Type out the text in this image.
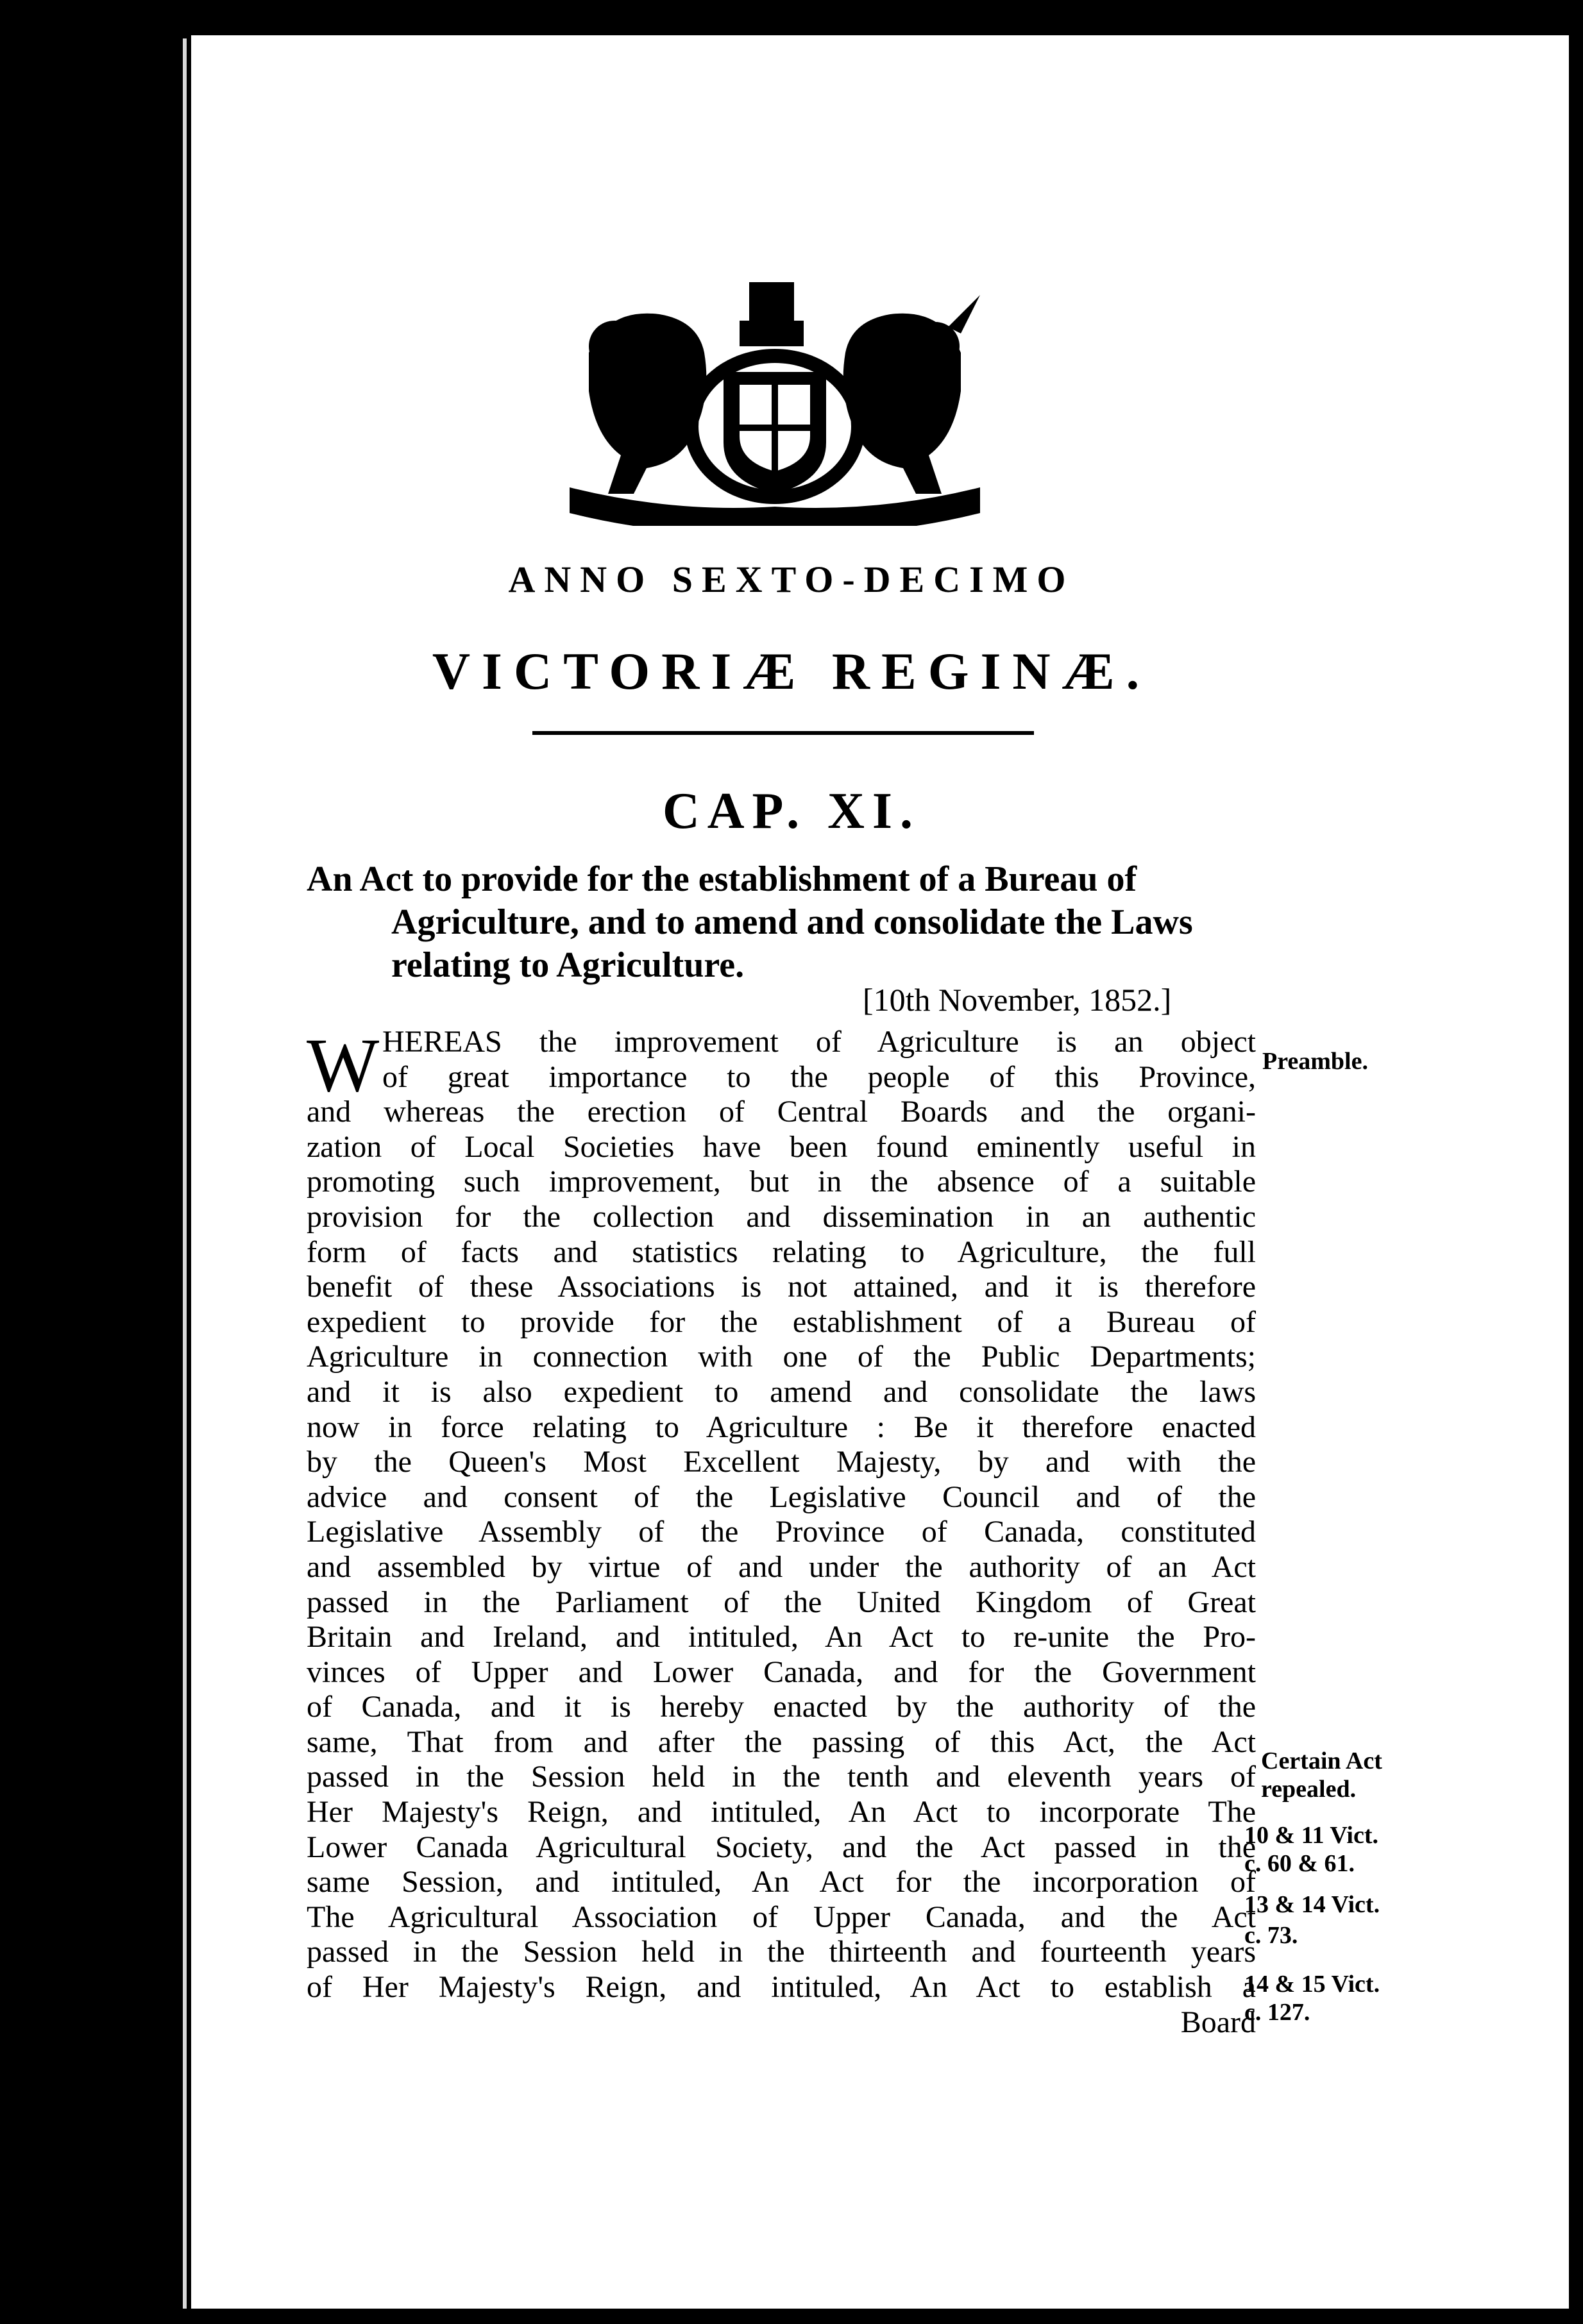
ANNO SEXTO-DECIMO
VICTORIÆ REGINÆ.
CAP. XI.
An Act to provide for the establishment of a Bureau of
Agriculture, and to amend and consolidate the Laws
relating to Agriculture.
[10th November, 1852.]
W HEREAS the improvement of Agriculture is an object
of great importance to the people of this Province,
and whereas the erection of Central Boards and the organi-
zation of Local Societies have been found eminently useful in
promoting such improvement, but in the absence of a suitable
provision for the collection and dissemination in an authentic
form of facts and statistics relating to Agriculture, the full
benefit of these Associations is not attained, and it is therefore
expedient to provide for the establishment of a Bureau of
Agriculture in connection with one of the Public Departments;
and it is also expedient to amend and consolidate the laws
now in force relating to Agriculture : Be it therefore enacted
by the Queen's Most Excellent Majesty, by and with the
advice and consent of the Legislative Council and of the
Legislative Assembly of the Province of Canada, constituted
and assembled by virtue of and under the authority of an Act
passed in the Parliament of the United Kingdom of Great
Britain and Ireland, and intituled, An Act to re-unite the Pro-
vinces of Upper and Lower Canada, and for the Government
of Canada, and it is hereby enacted by the authority of the
same, That from and after the passing of this Act, the Act
passed in the Session held in the tenth and eleventh years of
Her Majesty's Reign, and intituled, An Act to incorporate The
Lower Canada Agricultural Society, and the Act passed in the
same Session, and intituled, An Act for the incorporation of
The Agricultural Association of Upper Canada, and the Act
passed in the Session held in the thirteenth and fourteenth years
of Her Majesty's Reign, and intituled, An Act to establish a
Board
Preamble.
Certain Act
repealed.
10 & 11 Vict.
c. 60 & 61.
13 & 14 Vict.
c. 73.
14 & 15 Vict.
c. 127.
